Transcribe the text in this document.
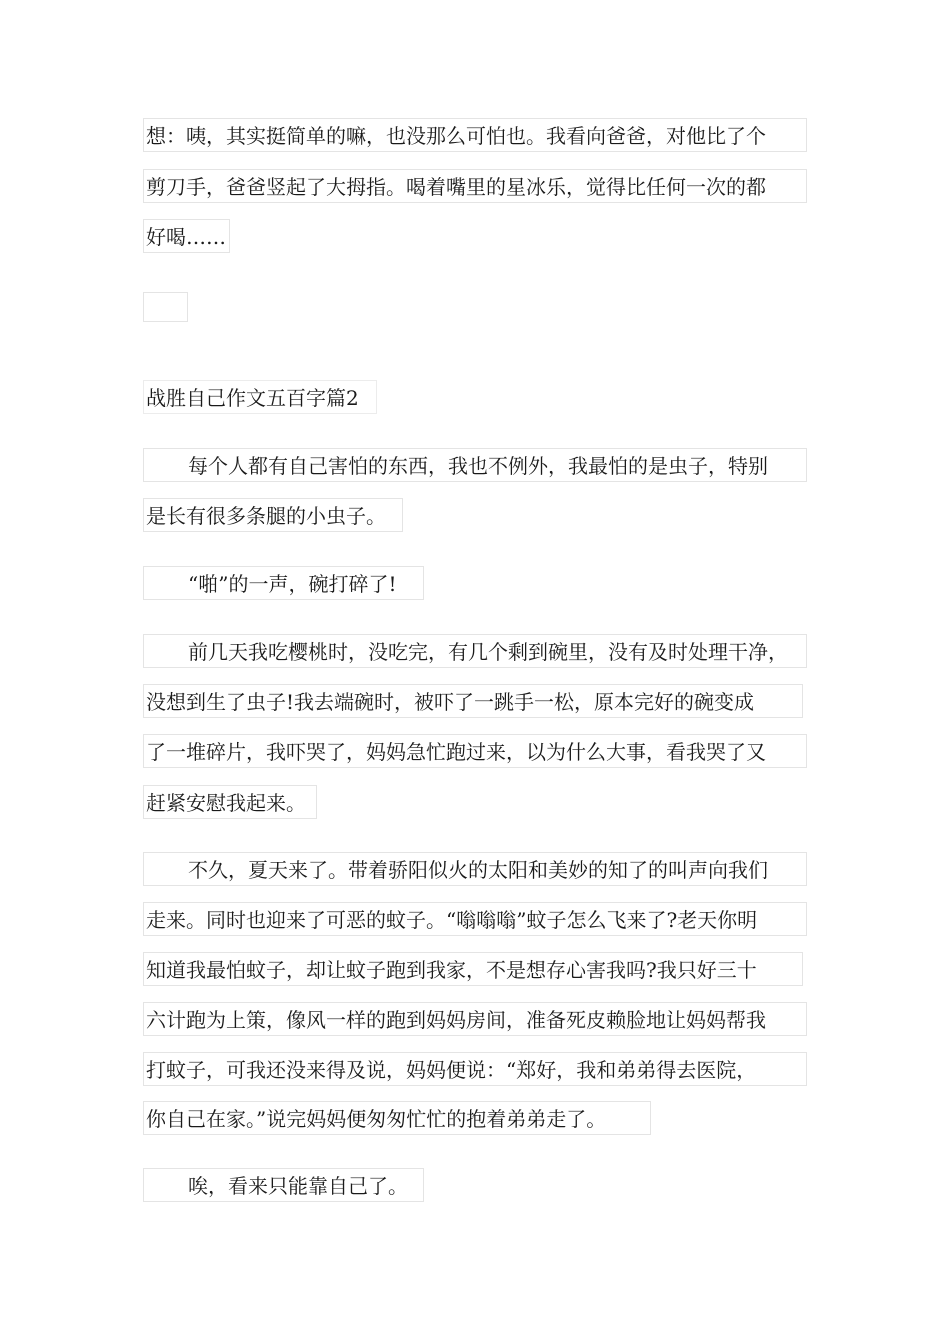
想：咦，其实挺简单的嘛，也没那么可怕也。我看向爸爸，对他比了个
剪刀手，爸爸竖起了大拇指。喝着嘴里的星冰乐，觉得比任何一次的都
好喝……
战胜自己作文五百字篇2
每个人都有自己害怕的东西，我也不例外，我最怕的是虫子，特别
是长有很多条腿的小虫子。
“啪”的一声，碗打碎了!
前几天我吃樱桃时，没吃完，有几个剩到碗里，没有及时处理干净，
没想到生了虫子!我去端碗时，被吓了一跳手一松，原本完好的碗变成
了一堆碎片，我吓哭了，妈妈急忙跑过来，以为什么大事，看我哭了又
赶紧安慰我起来。
不久，夏天来了。带着骄阳似火的太阳和美妙的知了的叫声向我们
走来。同时也迎来了可恶的蚊子。“嗡嗡嗡”蚊子怎么飞来了?老天你明
知道我最怕蚊子，却让蚊子跑到我家，不是想存心害我吗?我只好三十
六计跑为上策，像风一样的跑到妈妈房间，准备死皮赖脸地让妈妈帮我
打蚊子，可我还没来得及说，妈妈便说：“郑好，我和弟弟得去医院，
你自己在家。”说完妈妈便匆匆忙忙的抱着弟弟走了。
唉，看来只能靠自己了。
